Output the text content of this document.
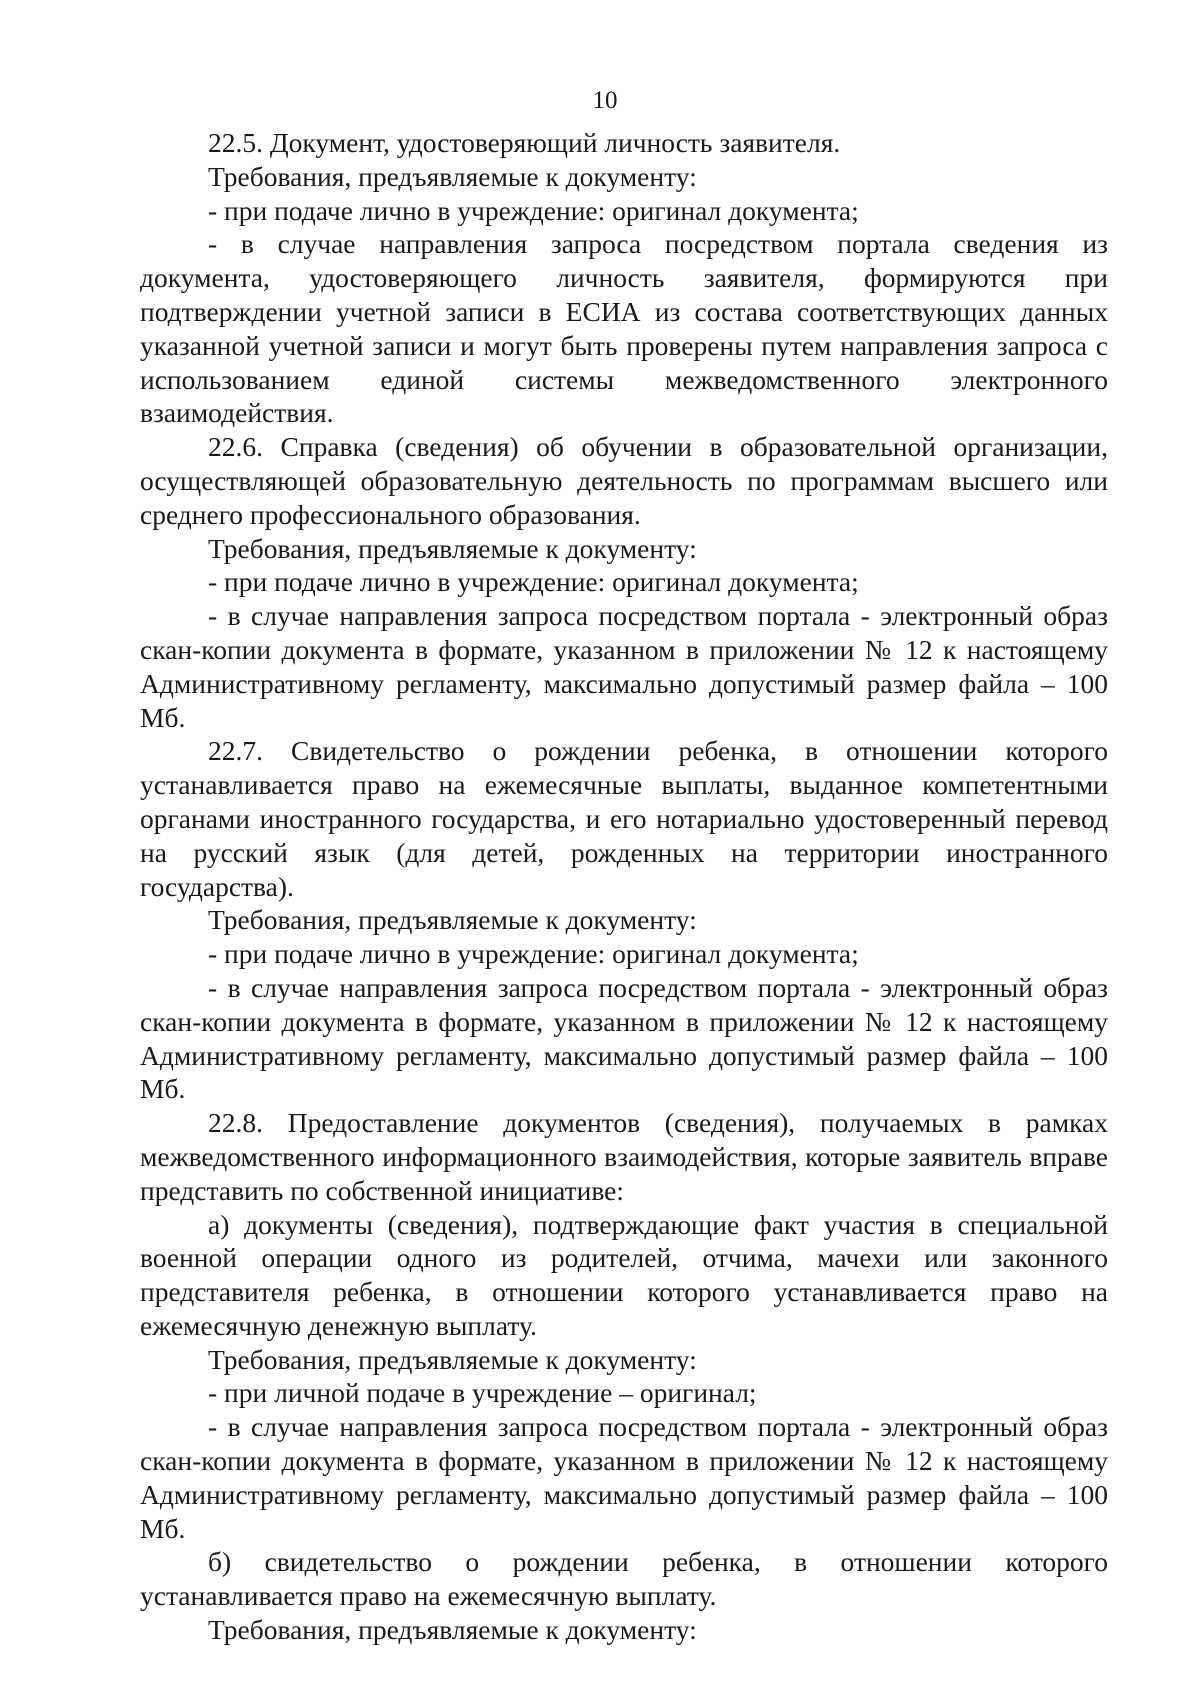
10

22.5. Документ, удостоверяющий личность заявителя.

Требования, предъявляемые к документу:

- при подаче лично в учреждение: оригинал документа;

- в случае направления запроса посредством портала сведения из документа, удостоверяющего личность заявителя, формируются при подтверждении учетной записи в ЕСИА из состава соответствующих данных указанной учетной записи и могут быть проверены путем направления запроса с использованием единой системы межведомственного электронного взаимодействия.

22.6. Справка (сведения) об обучении в образовательной организации, осуществляющей образовательную деятельность по программам высшего или среднего профессионального образования.

Требования, предъявляемые к документу:

- при подаче лично в учреждение: оригинал документа;

- в случае направления запроса посредством портала - электронный образ скан-копии документа в формате, указанном в приложении № 12 к настоящему Административному регламенту, максимально допустимый размер файла – 100 Мб.

22.7. Свидетельство о рождении ребенка, в отношении которого устанавливается право на ежемесячные выплаты, выданное компетентными органами иностранного государства, и его нотариально удостоверенный перевод на русский язык (для детей, рожденных на территории иностранного государства).

Требования, предъявляемые к документу:

- при подаче лично в учреждение: оригинал документа;

- в случае направления запроса посредством портала - электронный образ скан-копии документа в формате, указанном в приложении № 12 к настоящему Административному регламенту, максимально допустимый размер файла – 100 Мб.

22.8. Предоставление документов (сведения), получаемых в рамках межведомственного информационного взаимодействия, которые заявитель вправе представить по собственной инициативе:

а) документы (сведения), подтверждающие факт участия в специальной военной операции одного из родителей, отчима, мачехи или законного представителя ребенка, в отношении которого устанавливается право на ежемесячную денежную выплату.

Требования, предъявляемые к документу:

- при личной подаче в учреждение – оригинал;

- в случае направления запроса посредством портала - электронный образ скан-копии документа в формате, указанном в приложении № 12 к настоящему Административному регламенту, максимально допустимый размер файла – 100 Мб.

б) свидетельство о рождении ребенка, в отношении которого устанавливается право на ежемесячную выплату.

Требования, предъявляемые к документу:
